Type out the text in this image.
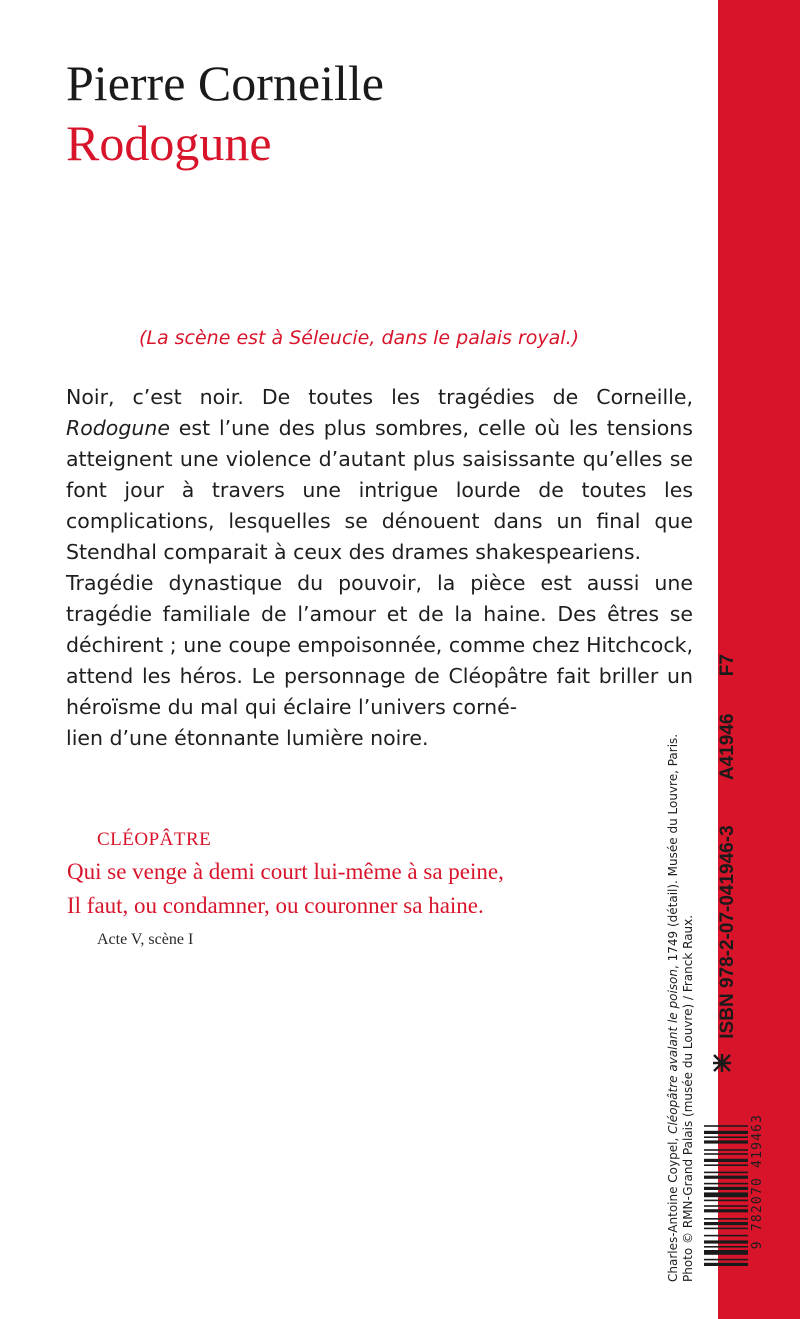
Pierre Corneille
Rodogune
(La scène est à Séleucie, dans le palais royal.)

Noir, c’est noir. De toutes les tragédies de Corneille, Rodogune est l’une des plus sombres, celle où les tensions atteignent une violence d’autant plus saisissante qu’elles se font jour à travers une intrigue lourde de toutes les complications, lesquelles se dénouent dans un final que Stendhal comparait à ceux des drames shakespeariens.

Tragédie dynastique du pouvoir, la pièce est aussi une tragédie familiale de l’amour et de la haine. Des êtres se déchirent ; une coupe empoisonnée, comme chez Hitchcock, attend les héros. Le personnage de Cléopâtre fait briller un héroïsme du mal qui éclaire l’univers corné-

lien d’une étonnante lumière noire.

CLÉOPÂTRE
Qui se venge à demi court lui-même à sa peine,
Il faut, ou condamner, ou couronner sa haine.
Acte V, scène I
Charles-Antoine Coypel, Cléopâtre avalant le poison, 1749 (détail). Musée du Louvre, Paris.
Photo © RMN-Grand Palais (musée du Louvre) / Franck Raux.	9 782070 419463
ISBN 978-2-07-041946-3 A41946 F7
